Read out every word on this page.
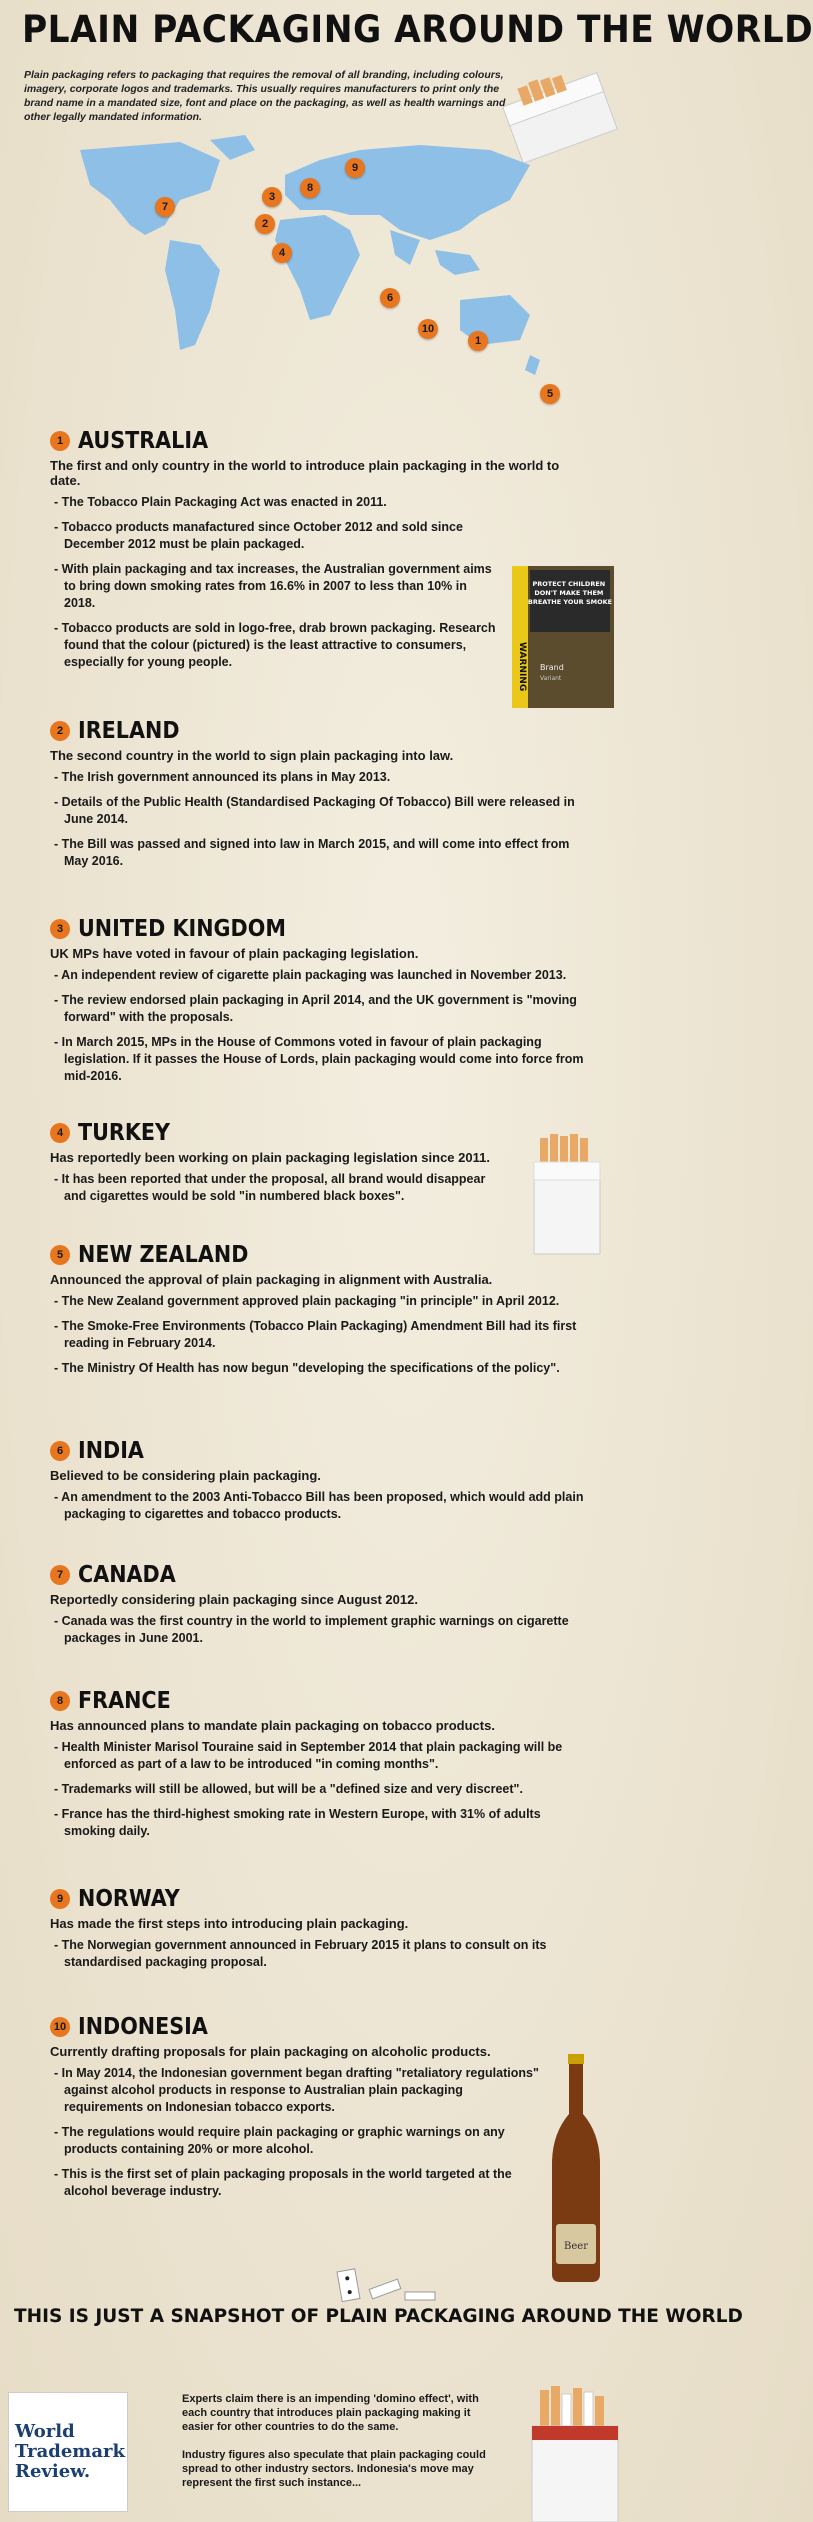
PLAIN PACKAGING AROUND THE WORLD
Plain packaging refers to packaging that requires the removal of all branding, including colours, imagery, corporate logos and trademarks. This usually requires manufacturers to print only the brand name in a mandated size, font and place on the packaging, as well as health warnings and other legally mandated information.
9
8
7
3
2
4
6
10
1
5
1 AUSTRALIA
The first and only country in the world to introduce plain packaging in the world to date.
- The Tobacco Plain Packaging Act was enacted in 2011.
- Tobacco products manafactured since October 2012 and sold since December 2012 must be plain packaged.
- With plain packaging and tax increases, the Australian government aims to bring down smoking rates from 16.6% in 2007 to less than 10% in 2018.
- Tobacco products are sold in logo-free, drab brown packaging. Research found that the colour (pictured) is the least attractive to consumers, especially for young people.	WARNING
PROTECT CHILDREN DON'T MAKE THEM BREATHE YOUR SMOKE
Brand
Variant
2 IRELAND
The second country in the world to sign plain packaging into law.
- The Irish government announced its plans in May 2013.
- Details of the Public Health (Standardised Packaging Of Tobacco) Bill were released in June 2014.
- The Bill was passed and signed into law in March 2015, and will come into effect from May 2016.
3 UNITED KINGDOM
UK MPs have voted in favour of plain packaging legislation.
- An independent review of cigarette plain packaging was launched in November 2013.
- The review endorsed plain packaging in April 2014, and the UK government is "moving forward" with the proposals.
- In March 2015, MPs in the House of Commons voted in favour of plain packaging legislation. If it passes the House of Lords, plain packaging would come into force from mid-2016.
4 TURKEY
Has reportedly been working on plain packaging legislation since 2011.
- It has been reported that under the proposal, all brand would disappear and cigarettes would be sold "in numbered black boxes".
5 NEW ZEALAND
Announced the approval of plain packaging in alignment with Australia.
- The New Zealand government approved plain packaging "in principle" in April 2012.
- The Smoke-Free Environments (Tobacco Plain Packaging) Amendment Bill had its first reading in February 2014.
- The Ministry Of Health has now begun "developing the specifications of the policy".
6 INDIA
Believed to be considering plain packaging.
- An amendment to the 2003 Anti-Tobacco Bill has been proposed, which would add plain packaging to cigarettes and tobacco products.
7 CANADA
Reportedly considering plain packaging since August 2012.
- Canada was the first country in the world to implement graphic warnings on cigarette packages in June 2001.
8 FRANCE
Has announced plans to mandate plain packaging on tobacco products.
- Health Minister Marisol Touraine said in September 2014 that plain packaging will be enforced as part of a law to be introduced "in coming months".
- Trademarks will still be allowed, but will be a "defined size and very discreet".
- France has the third-highest smoking rate in Western Europe, with 31% of adults smoking daily.
9 NORWAY
Has made the first steps into introducing plain packaging.
- The Norwegian government announced in February 2015 it plans to consult on its standardised packaging proposal.
10 INDONESIA
Currently drafting proposals for plain packaging on alcoholic products.
- In May 2014, the Indonesian government began drafting "retaliatory regulations" against alcohol products in response to Australian plain packaging requirements on Indonesian tobacco exports.
- The regulations would require plain packaging or graphic warnings on any products containing 20% or more alcohol.
- This is the first set of plain packaging proposals in the world targeted at the alcohol beverage industry.
Beer
THIS IS JUST A SNAPSHOT OF PLAIN PACKAGING AROUND THE WORLD
World
Trademark
Review.

Experts claim there is an impending 'domino effect', with each country that introduces plain packaging making it easier for other countries to do the same.

Industry figures also speculate that plain packaging could spread to other industry sectors. Indonesia's move may represent the first such instance...
